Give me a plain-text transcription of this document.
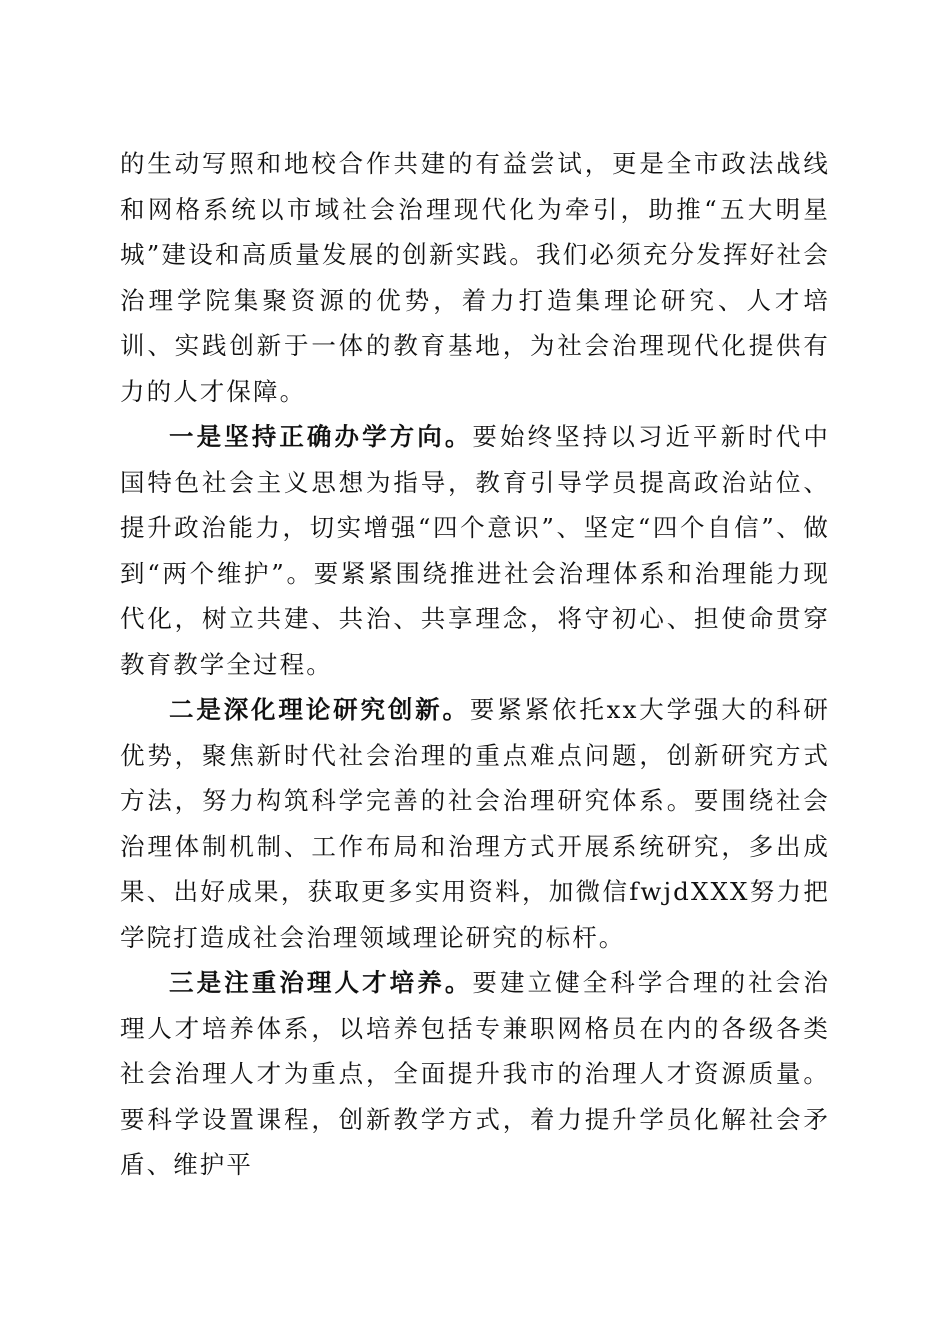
的生动写照和地校合作共建的有益尝试，更是全市政法战线和网格系统以市域社会治理现代化为牵引，助推“五大明星城”建设和高质量发展的创新实践。我们必须充分发挥好社会治理学院集聚资源的优势，着力打造集理论研究、人才培训、实践创新于一体的教育基地，为社会治理现代化提供有力的人才保障。

一是坚持正确办学方向。要始终坚持以习近平新时代中国特色社会主义思想为指导，教育引导学员提高政治站位、提升政治能力，切实增强“四个意识”、坚定“四个自信”、做到“两个维护”。要紧紧围绕推进社会治理体系和治理能力现代化，树立共建、共治、共享理念，将守初心、担使命贯穿教育教学全过程。

二是深化理论研究创新。要紧紧依托xx大学强大的科研优势，聚焦新时代社会治理的重点难点问题，创新研究方式方法，努力构筑科学完善的社会治理研究体系。要围绕社会治理体制机制、工作布局和治理方式开展系统研究，多出成果、出好成果，获取更多实用资料，加微信fwjdXXX努力把学院打造成社会治理领域理论研究的标杆。

三是注重治理人才培养。要建立健全科学合理的社会治理人才培养体系，以培养包括专兼职网格员在内的各级各类社会治理人才为重点，全面提升我市的治理人才资源质量。要科学设置课程，创新教学方式，着力提升学员化解社会矛盾、维护平
